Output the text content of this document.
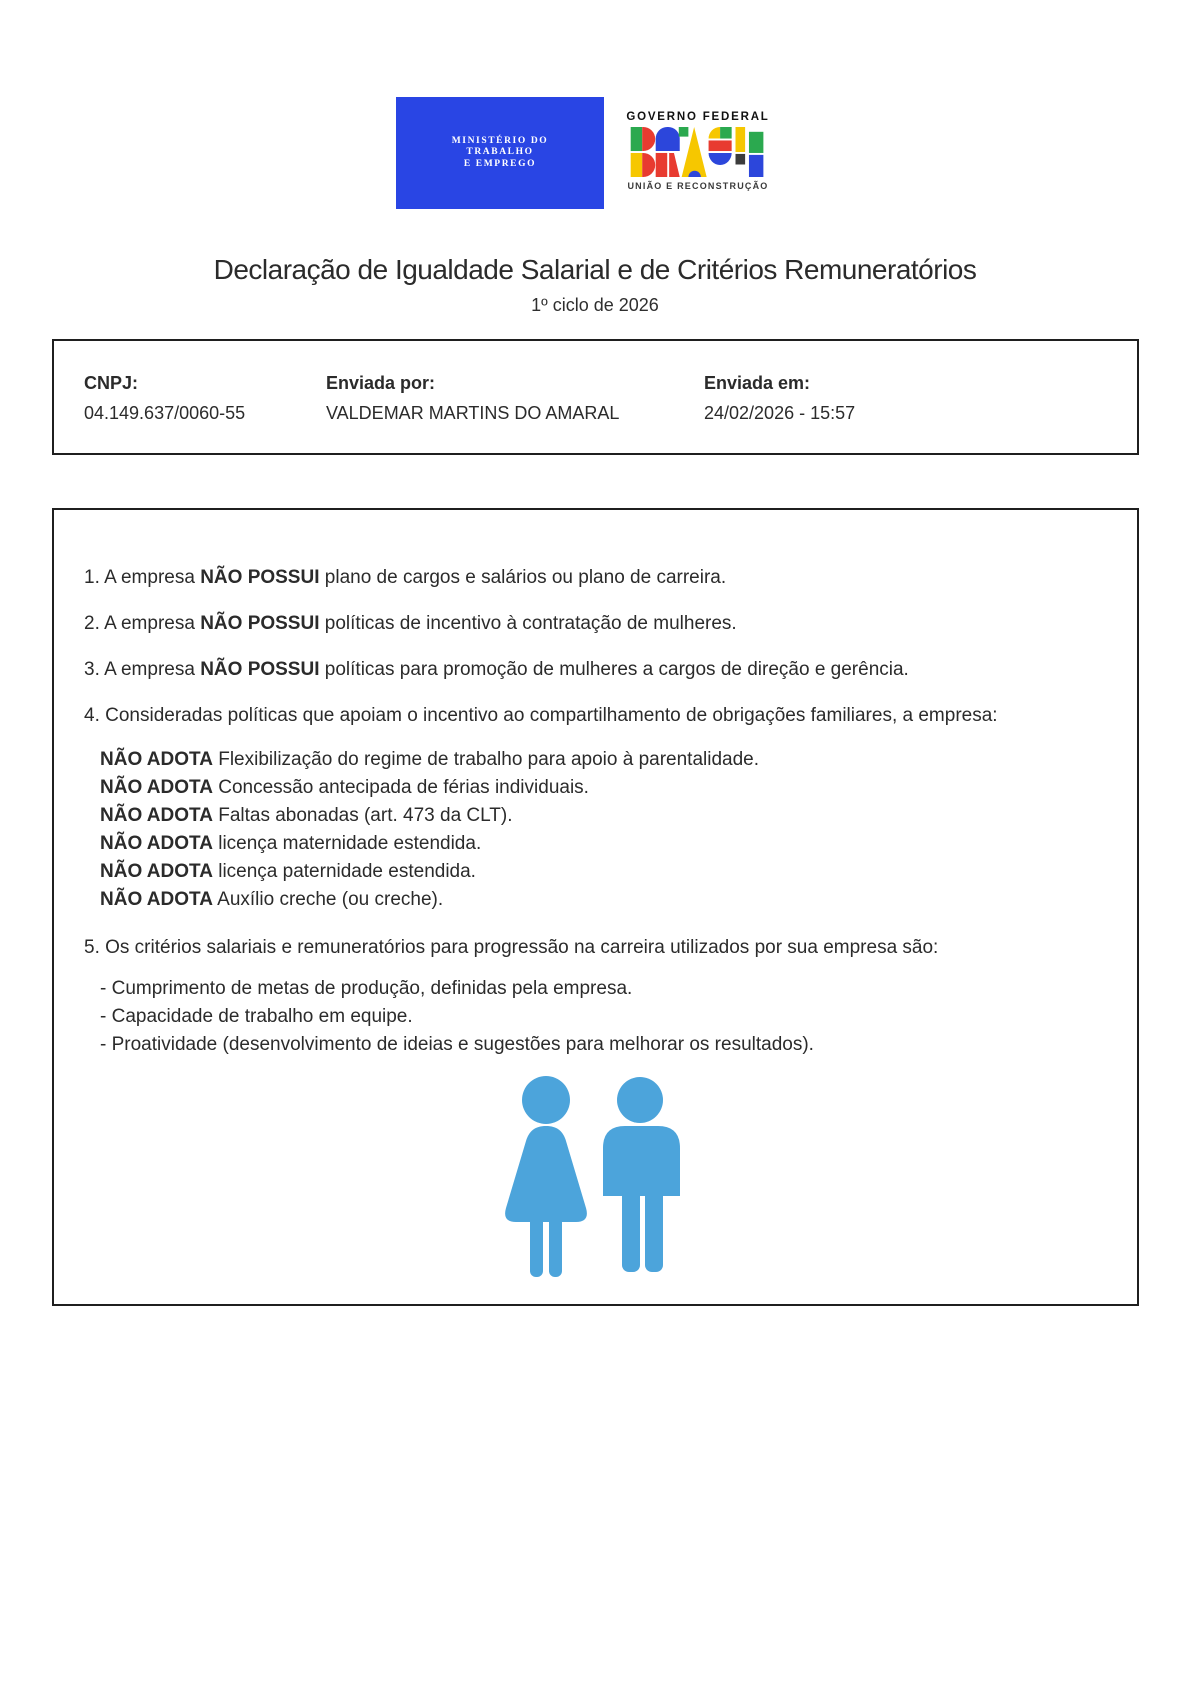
MINISTÉRIO DO
TRABALHO
E EMPREGO
GOVERNO FEDERAL
UNIÃO E RECONSTRUÇÃO
Declaração de Igualdade Salarial e de Critérios Remuneratórios
1º ciclo de 2026
CNPJ:
04.149.637/0060-55
Enviada por:
VALDEMAR MARTINS DO AMARAL
Enviada em:
24/02/2026 - 15:57
1. A empresa NÃO POSSUI plano de cargos e salários ou plano de carreira.
2. A empresa NÃO POSSUI políticas de incentivo à contratação de mulheres.
3. A empresa NÃO POSSUI políticas para promoção de mulheres a cargos de direção e gerência.
4. Consideradas políticas que apoiam o incentivo ao compartilhamento de obrigações familiares, a empresa:
NÃO ADOTA Flexibilização do regime de trabalho para apoio à parentalidade.
NÃO ADOTA Concessão antecipada de férias individuais.
NÃO ADOTA Faltas abonadas (art. 473 da CLT).
NÃO ADOTA licença maternidade estendida.
NÃO ADOTA licença paternidade estendida.
NÃO ADOTA Auxílio creche (ou creche).
5. Os critérios salariais e remuneratórios para progressão na carreira utilizados por sua empresa são:
- Cumprimento de metas de produção, definidas pela empresa.
- Capacidade de trabalho em equipe.
- Proatividade (desenvolvimento de ideias e sugestões para melhorar os resultados).
